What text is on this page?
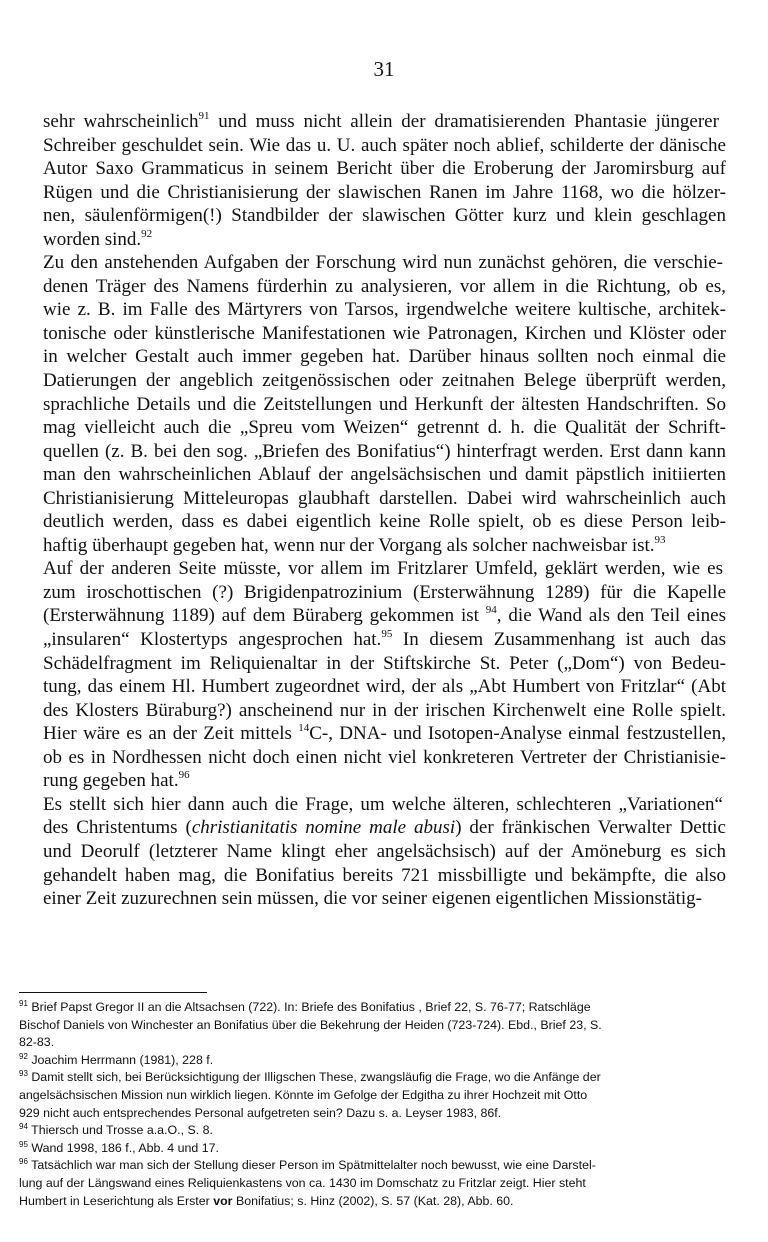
31

sehr wahrscheinlich$^{91}$ und muss nicht allein der dramatisierenden Phantasie jüngerer
Schreiber geschuldet sein. Wie das u. U. auch später noch ablief, schilderte der dänische
Autor Saxo Grammaticus in seinem Bericht über die Eroberung der Jaromirsburg auf
Rügen und die Christianisierung der slawischen Ranen im Jahre 1168, wo die hölzer-
nen, säulenförmigen(!) Standbilder der slawischen Götter kurz und klein geschlagen
worden sind.$^{92}$

Zu den anstehenden Aufgaben der Forschung wird nun zunächst gehören, die verschie-
denen Träger des Namens fürderhin zu analysieren, vor allem in die Richtung, ob es,
wie z. B. im Falle des Märtyrers von Tarsos, irgendwelche weitere kultische, architek-
tonische oder künstlerische Manifestationen wie Patronagen, Kirchen und Klöster oder
in welcher Gestalt auch immer gegeben hat. Darüber hinaus sollten noch einmal die
Datierungen der angeblich zeitgenössischen oder zeitnahen Belege überprüft werden,
sprachliche Details und die Zeitstellungen und Herkunft der ältesten Handschriften. So
mag vielleicht auch die „Spreu vom Weizen“ getrennt d. h. die Qualität der Schrift-
quellen (z. B. bei den sog. „Briefen des Bonifatius“) hinterfragt werden. Erst dann kann
man den wahrscheinlichen Ablauf der angelsächsischen und damit päpstlich initiierten
Christianisierung Mitteleuropas glaubhaft darstellen. Dabei wird wahrscheinlich auch
deutlich werden, dass es dabei eigentlich keine Rolle spielt, ob es diese Person leib-
haftig überhaupt gegeben hat, wenn nur der Vorgang als solcher nachweisbar ist.$^{93}$

Auf der anderen Seite müsste, vor allem im Fritzlarer Umfeld, geklärt werden, wie es
zum iroschottischen (?) Brigidenpatrozinium (Ersterwähnung 1289) für die Kapelle
(Ersterwähnung 1189) auf dem Büraberg gekommen ist $^{94}$, die Wand als den Teil eines
„insularen“ Klostertyps angesprochen hat.$^{95}$ In diesem Zusammenhang ist auch das
Schädelfragment im Reliquienaltar in der Stiftskirche St. Peter („Dom“) von Bedeu-
tung, das einem Hl. Humbert zugeordnet wird, der als „Abt Humbert von Fritzlar“ (Abt
des Klosters Büraburg?) anscheinend nur in der irischen Kirchenwelt eine Rolle spielt.
Hier wäre es an der Zeit mittels $^{14}$C-, DNA- und Isotopen-Analyse einmal festzustellen,
ob es in Nordhessen nicht doch einen nicht viel konkreteren Vertreter der Christianisie-
rung gegeben hat.$^{96}$

Es stellt sich hier dann auch die Frage, um welche älteren, schlechteren „Variationen“
des Christentums (christianitatis nomine male abusi) der fränkischen Verwalter Dettic
und Deorulf (letzterer Name klingt eher angelsächsisch) auf der Amöneburg es sich
gehandelt haben mag, die Bonifatius bereits 721 missbilligte und bekämpfte, die also
einer Zeit zuzurechnen sein müssen, die vor seiner eigenen eigentlichen Missionstätig-

$^{91}$ Brief Papst Gregor II an die Altsachsen (722). In: Briefe des Bonifatius , Brief 22, S. 76-77; Ratschläge
Bischof Daniels von Winchester an Bonifatius über die Bekehrung der Heiden (723-724). Ebd., Brief 23, S.
82-83.
$^{92}$ Joachim Herrmann (1981), 228 f.
$^{93}$ Damit stellt sich, bei Berücksichtigung der Illigschen These, zwangsläufig die Frage, wo die Anfänge der
angelsächsischen Mission nun wirklich liegen. Könnte im Gefolge der Edgitha zu ihrer Hochzeit mit Otto
929 nicht auch entsprechendes Personal aufgetreten sein? Dazu s. a. Leyser 1983, 86f.
$^{94}$ Thiersch und Trosse a.a.O., S. 8.
$^{95}$ Wand 1998, 186 f., Abb. 4 und 17.
$^{96}$ Tatsächlich war man sich der Stellung dieser Person im Spätmittelalter noch bewusst, wie eine Darstel-
lung auf der Längswand eines Reliquienkastens von ca. 1430 im Domschatz zu Fritzlar zeigt. Hier steht
Humbert in Leserichtung als Erster vor Bonifatius; s. Hinz (2002), S. 57 (Kat. 28), Abb. 60.
